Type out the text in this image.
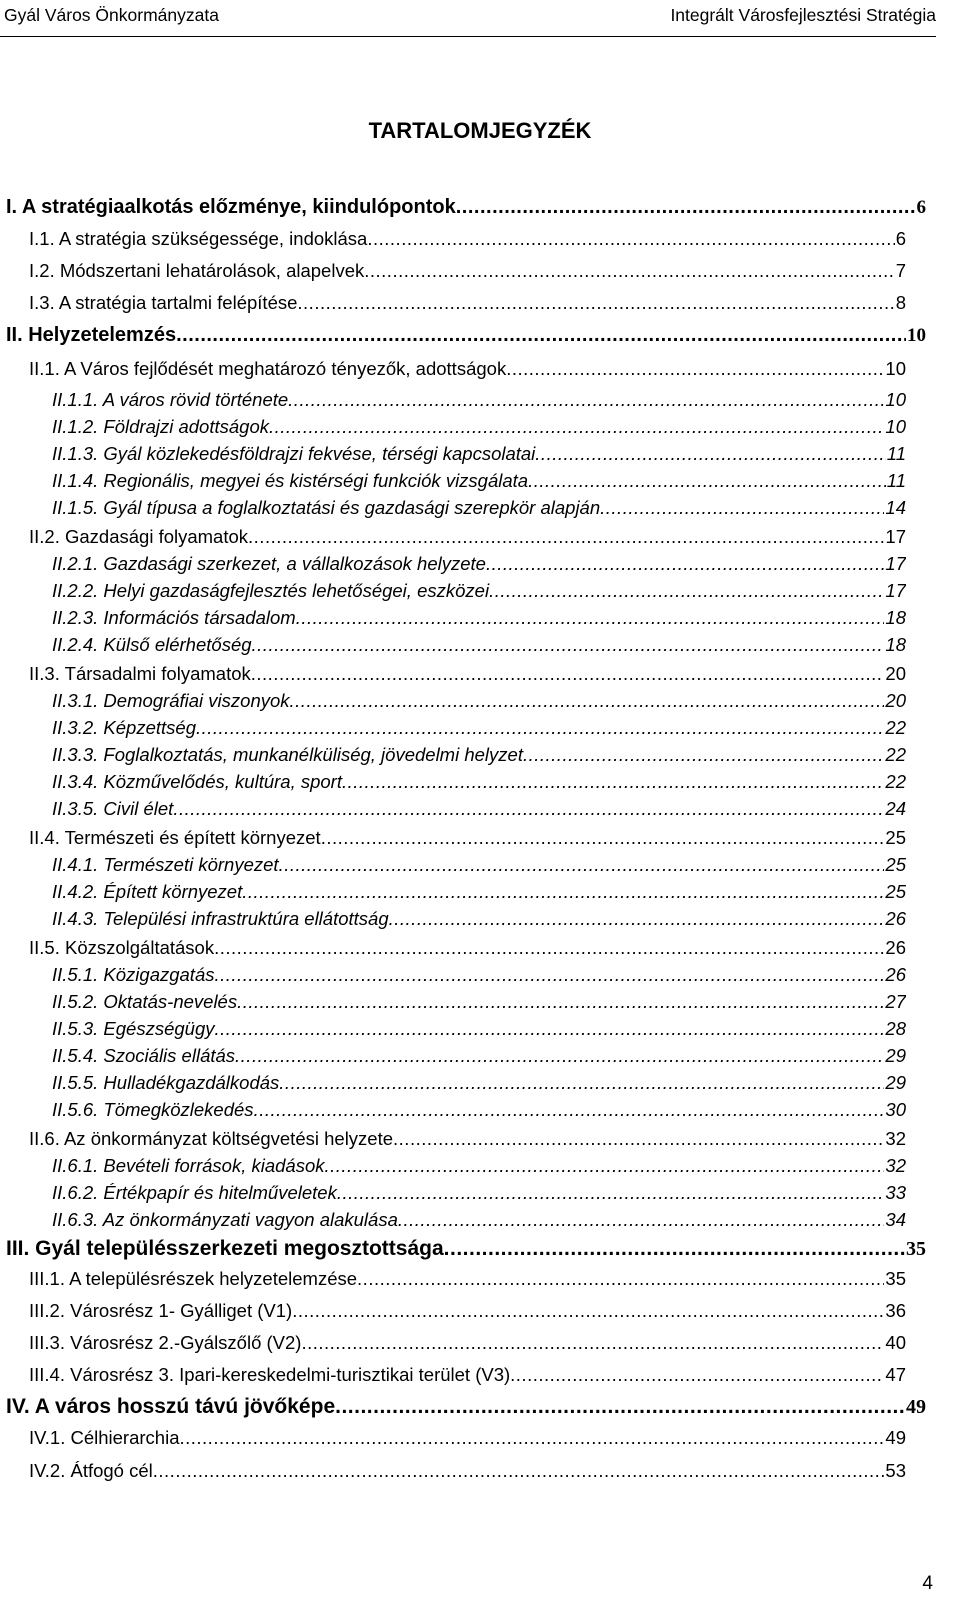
Gyál Város Önkormányzata	Integrált Városfejlesztési Stratégia
TARTALOMJEGYZÉK
I. A stratégiaalkotás előzménye, kiindulópontok .....	6
I.1. A stratégia szükségessége, indoklása .....	6
I.2. Módszertani lehatárolások, alapelvek .....	7
I.3. A stratégia tartalmi felépítése .....	8
II. Helyzetelemzés .....	10
II.1. A Város fejlődését meghatározó tényezők, adottságok .....	10
II.1.1. A város rövid története .....	10
II.1.2. Földrajzi adottságok .....	10
II.1.3. Gyál közlekedésföldrajzi fekvése, térségi kapcsolatai .....	11
II.1.4. Regionális, megyei és kistérségi funkciók vizsgálata .....	11
II.1.5. Gyál típusa a foglalkoztatási és gazdasági szerepkör alapján .....	14
II.2. Gazdasági folyamatok .....	17
II.2.1. Gazdasági szerkezet, a vállalkozások helyzete .....	17
II.2.2. Helyi gazdaságfejlesztés lehetőségei, eszközei .....	17
II.2.3. Információs társadalom .....	18
II.2.4. Külső elérhetőség .....	18
II.3. Társadalmi folyamatok .....	20
II.3.1. Demográfiai viszonyok .....	20
II.3.2. Képzettség .....	22
II.3.3. Foglalkoztatás, munkanélküliség, jövedelmi helyzet .....	22
II.3.4. Közművelődés, kultúra, sport .....	22
II.3.5. Civil élet .....	24
II.4. Természeti és épített környezet .....	25
II.4.1. Természeti környezet .....	25
II.4.2. Épített környezet .....	25
II.4.3. Települési infrastruktúra ellátottság .....	26
II.5. Közszolgáltatások .....	26
II.5.1. Közigazgatás .....	26
II.5.2. Oktatás-nevelés .....	27
II.5.3. Egészségügy .....	28
II.5.4. Szociális ellátás .....	29
II.5.5. Hulladékgazdálkodás .....	29
II.5.6. Tömegközlekedés .....	30
II.6. Az önkormányzat költségvetési helyzete .....	32
II.6.1. Bevételi források, kiadások .....	32
II.6.2. Értékpapír és hitelműveletek .....	33
II.6.3. Az önkormányzati vagyon alakulása .....	34
III. Gyál településszerkezeti megosztottsága .....	35
III.1. A településrészek helyzetelemzése .....	35
III.2. Városrész 1- Gyálliget (V1) .....	36
III.3. Városrész 2.-Gyálszőlő (V2) .....	40
III.4. Városrész 3. Ipari-kereskedelmi-turisztikai terület (V3) .....	47
IV. A város hosszú távú jövőképe .....	49
IV.1. Célhierarchia .....	49
IV.2. Átfogó cél .....	53
4
